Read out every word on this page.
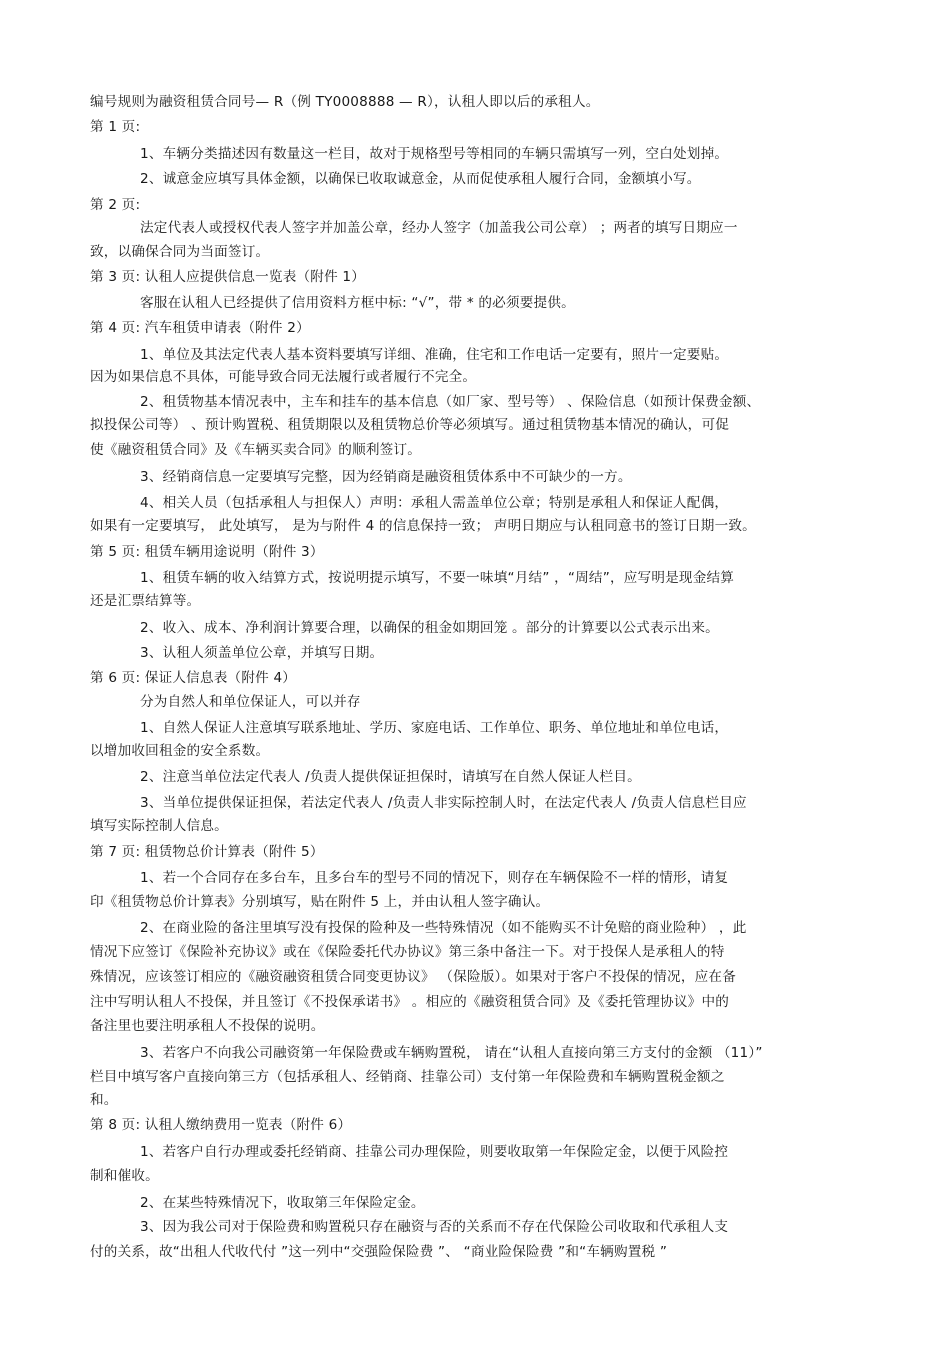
编号规则为融资租赁合同号— R（例 TY0008888 — R），认租人即以后的承租人。
第 1 页:
1、车辆分类描述因有数量这一栏目，故对于规格型号等相同的车辆只需填写一列，空白处划掉。
2、诚意金应填写具体金额，以确保已收取诚意金，从而促使承租人履行合同，金额填小写。
第 2 页:
法定代表人或授权代表人签字并加盖公章，经办人签字（加盖我公司公章） ；两者的填写日期应一
致，以确保合同为当面签订。
第 3 页: 认租人应提供信息一览表（附件 1）
客服在认租人已经提供了信用资料方框中标: “√”，带 * 的必须要提供。
第 4 页: 汽车租赁申请表（附件 2）
1、单位及其法定代表人基本资料要填写详细、准确，住宅和工作电话一定要有，照片一定要贴。
因为如果信息不具体，可能导致合同无法履行或者履行不完全。
2、租赁物基本情况表中，主车和挂车的基本信息（如厂家、型号等） 、保险信息（如预计保费金额、
拟投保公司等） 、预计购置税、租赁期限以及租赁物总价等必须填写。通过租赁物基本情况的确认，可促
使《融资租赁合同》及《车辆买卖合同》的顺利签订。
3、经销商信息一定要填写完整，因为经销商是融资租赁体系中不可缺少的一方。
4、相关人员（包括承租人与担保人）声明：承租人需盖单位公章；特别是承租人和保证人配偶，
如果有一定要填写， 此处填写， 是为与附件 4 的信息保持一致； 声明日期应与认租同意书的签订日期一致。
第 5 页: 租赁车辆用途说明（附件 3）
1、租赁车辆的收入结算方式，按说明提示填写，不要一味填“月结” ，“周结”，应写明是现金结算
还是汇票结算等。
2、收入、成本、净利润计算要合理，以确保的租金如期回笼 。部分的计算要以公式表示出来。
3、认租人须盖单位公章，并填写日期。
第 6 页: 保证人信息表（附件 4）
分为自然人和单位保证人，可以并存
1、自然人保证人注意填写联系地址、学历、家庭电话、工作单位、职务、单位地址和单位电话，
以增加收回租金的安全系数。
2、注意当单位法定代表人 /负责人提供保证担保时，请填写在自然人保证人栏目。
3、当单位提供保证担保，若法定代表人 /负责人非实际控制人时，在法定代表人 /负责人信息栏目应
填写实际控制人信息。
第 7 页: 租赁物总价计算表（附件 5）
1、若一个合同存在多台车，且多台车的型号不同的情况下，则存在车辆保险不一样的情形，请复
印《租赁物总价计算表》分别填写，贴在附件 5 上，并由认租人签字确认。
2、在商业险的备注里填写没有投保的险种及一些特殊情况（如不能购买不计免赔的商业险种） ，此
情况下应签订《保险补充协议》或在《保险委托代办协议》第三条中备注一下。对于投保人是承租人的特
殊情况，应该签订相应的《融资融资租赁合同变更协议》 （保险版）。如果对于客户不投保的情况，应在备
注中写明认租人不投保，并且签订《不投保承诺书》 。相应的《融资租赁合同》及《委托管理协议》中的
备注里也要注明承租人不投保的说明。
3、若客户不向我公司融资第一年保险费或车辆购置税， 请在“认租人直接向第三方支付的金额 （11）”
栏目中填写客户直接向第三方（包括承租人、经销商、挂靠公司）支付第一年保险费和车辆购置税金额之
和。
第 8 页: 认租人缴纳费用一览表（附件 6）
1、若客户自行办理或委托经销商、挂靠公司办理保险，则要收取第一年保险定金，以便于风险控
制和催收。
2、在某些特殊情况下，收取第三年保险定金。
3、因为我公司对于保险费和购置税只存在融资与否的关系而不存在代保险公司收取和代承租人支
付的关系，故“出租人代收代付 ”这一列中“交强险保险费 ”、 “商业险保险费 ”和“车辆购置税 ”
